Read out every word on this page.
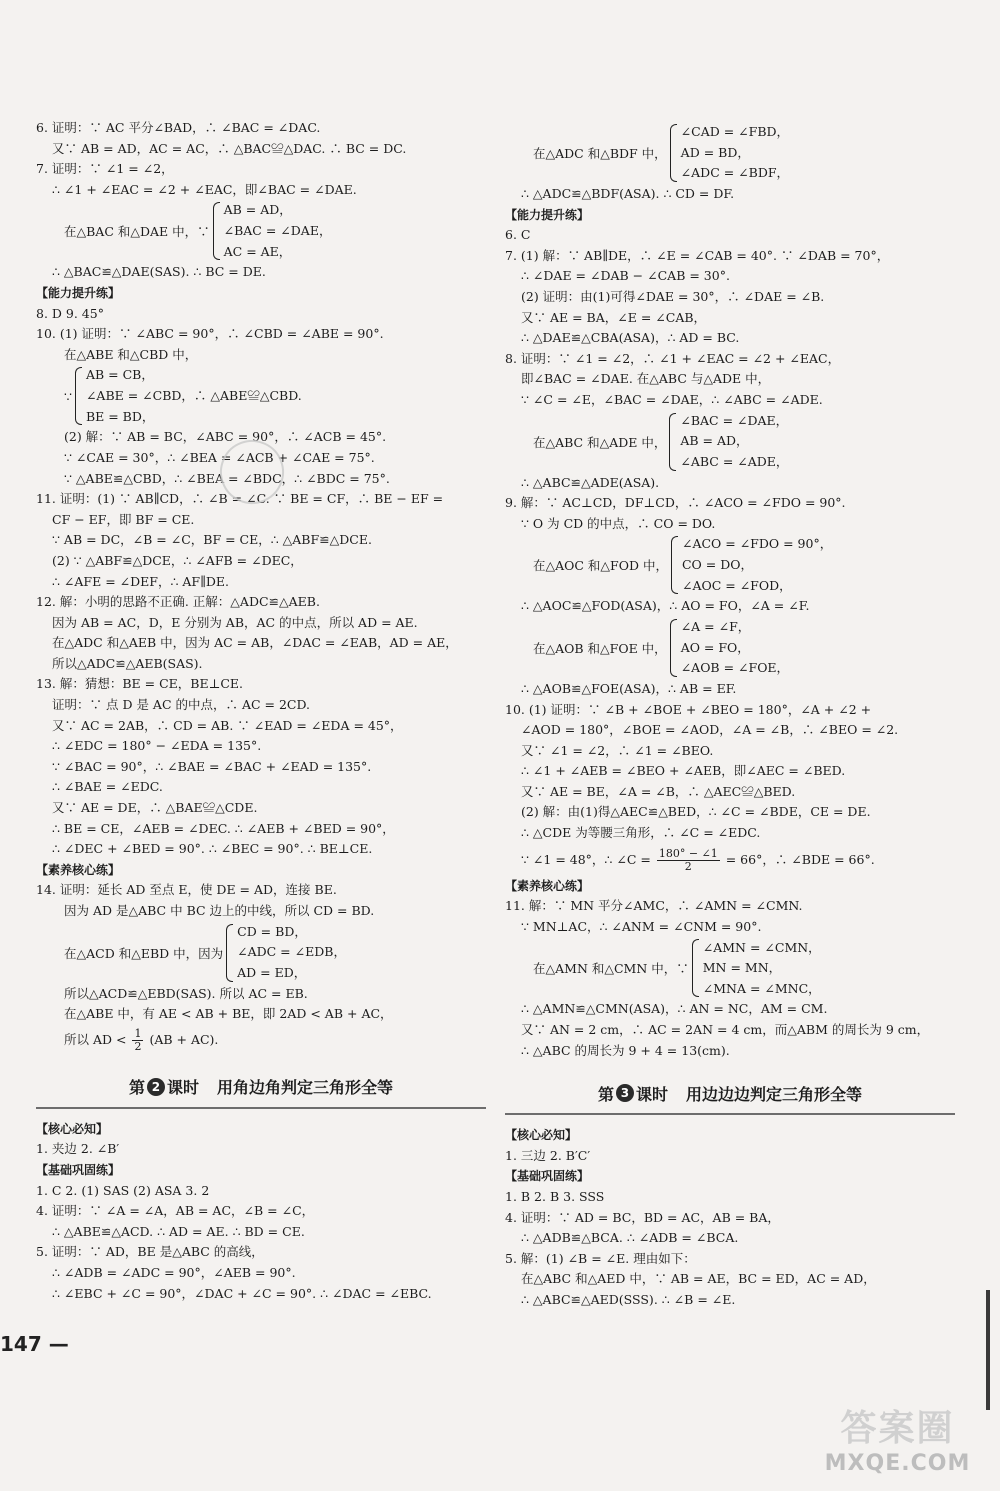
6. 证明：∵ AC 平分∠BAD，∴ ∠BAC = ∠DAC.
又∵ AB = AD，AC = AC，∴ △BAC≌△DAC. ∴ BC = DC.
7. 证明：∵ ∠1 = ∠2，
∴ ∠1 + ∠EAC = ∠2 + ∠EAC，即∠BAC = ∠DAE.
在△BAC 和△DAE 中，∵
AB = AD，
∠BAC = ∠DAE，
AC = AE，
∴ △BAC≌△DAE(SAS). ∴ BC = DE.
【能力提升练】
8. D 9. 45°
10. (1) 证明：∵ ∠ABC = 90°，∴ ∠CBD = ∠ABE = 90°.
在△ABE 和△CBD 中，
∵
AB = CB，
∠ABE = ∠CBD，∴ △ABE≌△CBD.
BE = BD，
(2) 解：∵ AB = BC，∠ABC = 90°，∴ ∠ACB = 45°.
∵ ∠CAE = 30°，∴ ∠BEA = ∠ACB + ∠CAE = 75°.
∵ △ABE≌△CBD，∴ ∠BEA = ∠BDC，∴ ∠BDC = 75°.
11. 证明：(1) ∵ AB∥CD，∴ ∠B = ∠C. ∵ BE = CF，∴ BE − EF =
CF − EF，即 BF = CE.
∵ AB = DC，∠B = ∠C，BF = CE，∴ △ABF≌△DCE.
(2) ∵ △ABF≌△DCE，∴ ∠AFB = ∠DEC，
∴ ∠AFE = ∠DEF，∴ AF∥DE.
12. 解：小明的思路不正确. 正解：△ADC≌△AEB.
因为 AB = AC，D，E 分别为 AB，AC 的中点，所以 AD = AE.
在△ADC 和△AEB 中，因为 AC = AB，∠DAC = ∠EAB，AD = AE，
所以△ADC≌△AEB(SAS).
13. 解：猜想：BE = CE，BE⊥CE.
证明：∵ 点 D 是 AC 的中点，∴ AC = 2CD.
又∵ AC = 2AB，∴ CD = AB. ∵ ∠EAD = ∠EDA = 45°，
∴ ∠EDC = 180° − ∠EDA = 135°.
∵ ∠BAC = 90°，∴ ∠BAE = ∠BAC + ∠EAD = 135°.
∴ ∠BAE = ∠EDC.
又∵ AE = DE，∴ △BAE≌△CDE.
∴ BE = CE，∠AEB = ∠DEC. ∴ ∠AEB + ∠BED = 90°，
∴ ∠DEC + ∠BED = 90°. ∴ ∠BEC = 90°. ∴ BE⊥CE.
【素养核心练】
14. 证明：延长 AD 至点 E，使 DE = AD，连接 BE.
因为 AD 是△ABC 中 BC 边上的中线，所以 CD = BD.
在△ACD 和△EBD 中，因为
CD = BD，
∠ADC = ∠EDB，
AD = ED，
所以△ACD≌△EBD(SAS). 所以 AC = EB.
在△ABE 中，有 AE < AB + BE，即 2AD < AB + AC，
所以 AD < $\frac{1}{2} (AB + AC)$.
第 2 课时 用角边角判定三角形全等
【核心必知】
1. 夹边 2. ∠B′
【基础巩固练】
1. C 2. (1) SAS (2) ASA 3. 2
4. 证明：∵ ∠A = ∠A，AB = AC，∠B = ∠C，
∴ △ABE≌△ACD. ∴ AD = AE. ∴ BD = CE.
5. 证明：∵ AD，BE 是△ABC 的高线，
∴ ∠ADB = ∠ADC = 90°，∠AEB = 90°.
∴ ∠EBC + ∠C = 90°，∠DAC + ∠C = 90°. ∴ ∠DAC = ∠EBC.
在△ADC 和△BDF 中，
∠CAD = ∠FBD，
AD = BD，
∠ADC = ∠BDF，
∴ △ADC≌△BDF(ASA). ∴ CD = DF.
【能力提升练】
6. C
7. (1) 解：∵ AB∥DE，∴ ∠E = ∠CAB = 40°. ∵ ∠DAB = 70°，
∴ ∠DAE = ∠DAB − ∠CAB = 30°.
(2) 证明：由(1)可得∠DAE = 30°，∴ ∠DAE = ∠B.
又∵ AE = BA，∠E = ∠CAB，
∴ △DAE≌△CBA(ASA)，∴ AD = BC.
8. 证明：∵ ∠1 = ∠2，∴ ∠1 + ∠EAC = ∠2 + ∠EAC，
即∠BAC = ∠DAE. 在△ABC 与△ADE 中，
∵ ∠C = ∠E，∠BAC = ∠DAE，∴ ∠ABC = ∠ADE.
在△ABC 和△ADE 中，
∠BAC = ∠DAE，
AB = AD，
∠ABC = ∠ADE，
∴ △ABC≌△ADE(ASA).
9. 解：∵ AC⊥CD，DF⊥CD，∴ ∠ACO = ∠FDO = 90°.
∵ O 为 CD 的中点，∴ CO = DO.
在△AOC 和△FOD 中，
∠ACO = ∠FDO = 90°，
CO = DO，
∠AOC = ∠FOD，
∴ △AOC≌△FOD(ASA)，∴ AO = FO，∠A = ∠F.
在△AOB 和△FOE 中，
∠A = ∠F，
AO = FO，
∠AOB = ∠FOE，
∴ △AOB≌△FOE(ASA)，∴ AB = EF.
10. (1) 证明：∵ ∠B + ∠BOE + ∠BEO = 180°，∠A + ∠2 +
∠AOD = 180°，∠BOE = ∠AOD，∠A = ∠B，∴ ∠BEO = ∠2.
又∵ ∠1 = ∠2，∴ ∠1 = ∠BEO.
∴ ∠1 + ∠AEB = ∠BEO + ∠AEB，即∠AEC = ∠BED.
又∵ AE = BE，∠A = ∠B，∴ △AEC≌△BED.
(2) 解：由(1)得△AEC≌△BED，∴ ∠C = ∠BDE，CE = DE.
∴ △CDE 为等腰三角形，∴ ∠C = ∠EDC.
∵ ∠1 = 48°，∴ ∠C = $\frac{180^\circ - \angle 1}{2} = 66^\circ$，∴ ∠BDE = 66°.
【素养核心练】
11. 解：∵ MN 平分∠AMC，∴ ∠AMN = ∠CMN.
∵ MN⊥AC，∴ ∠ANM = ∠CNM = 90°.
在△AMN 和△CMN 中，∵
∠AMN = ∠CMN，
MN = MN，
∠MNA = ∠MNC，
∴ △AMN≌△CMN(ASA)，∴ AN = NC，AM = CM.
又∵ AN = 2 cm，∴ AC = 2AN = 4 cm，而△ABM 的周长为 9 cm，
∴ △ABC 的周长为 9 + 4 = 13(cm).
第 3 课时 用边边边判定三角形全等
【核心必知】
1. 三边 2. B′C′
【基础巩固练】
1. B 2. B 3. SSS
4. 证明：∵ AD = BC，BD = AC，AB = BA，
∴ △ADB≌△BCA. ∴ ∠ADB = ∠BCA.
5. 解：(1) ∠B = ∠E. 理由如下：
在△ABC 和△AED 中，∵ AB = AE，BC = ED，AC = AD，
∴ △ABC≌△AED(SSS). ∴ ∠B = ∠E.
147 —
答案圈
MXQE.COM
